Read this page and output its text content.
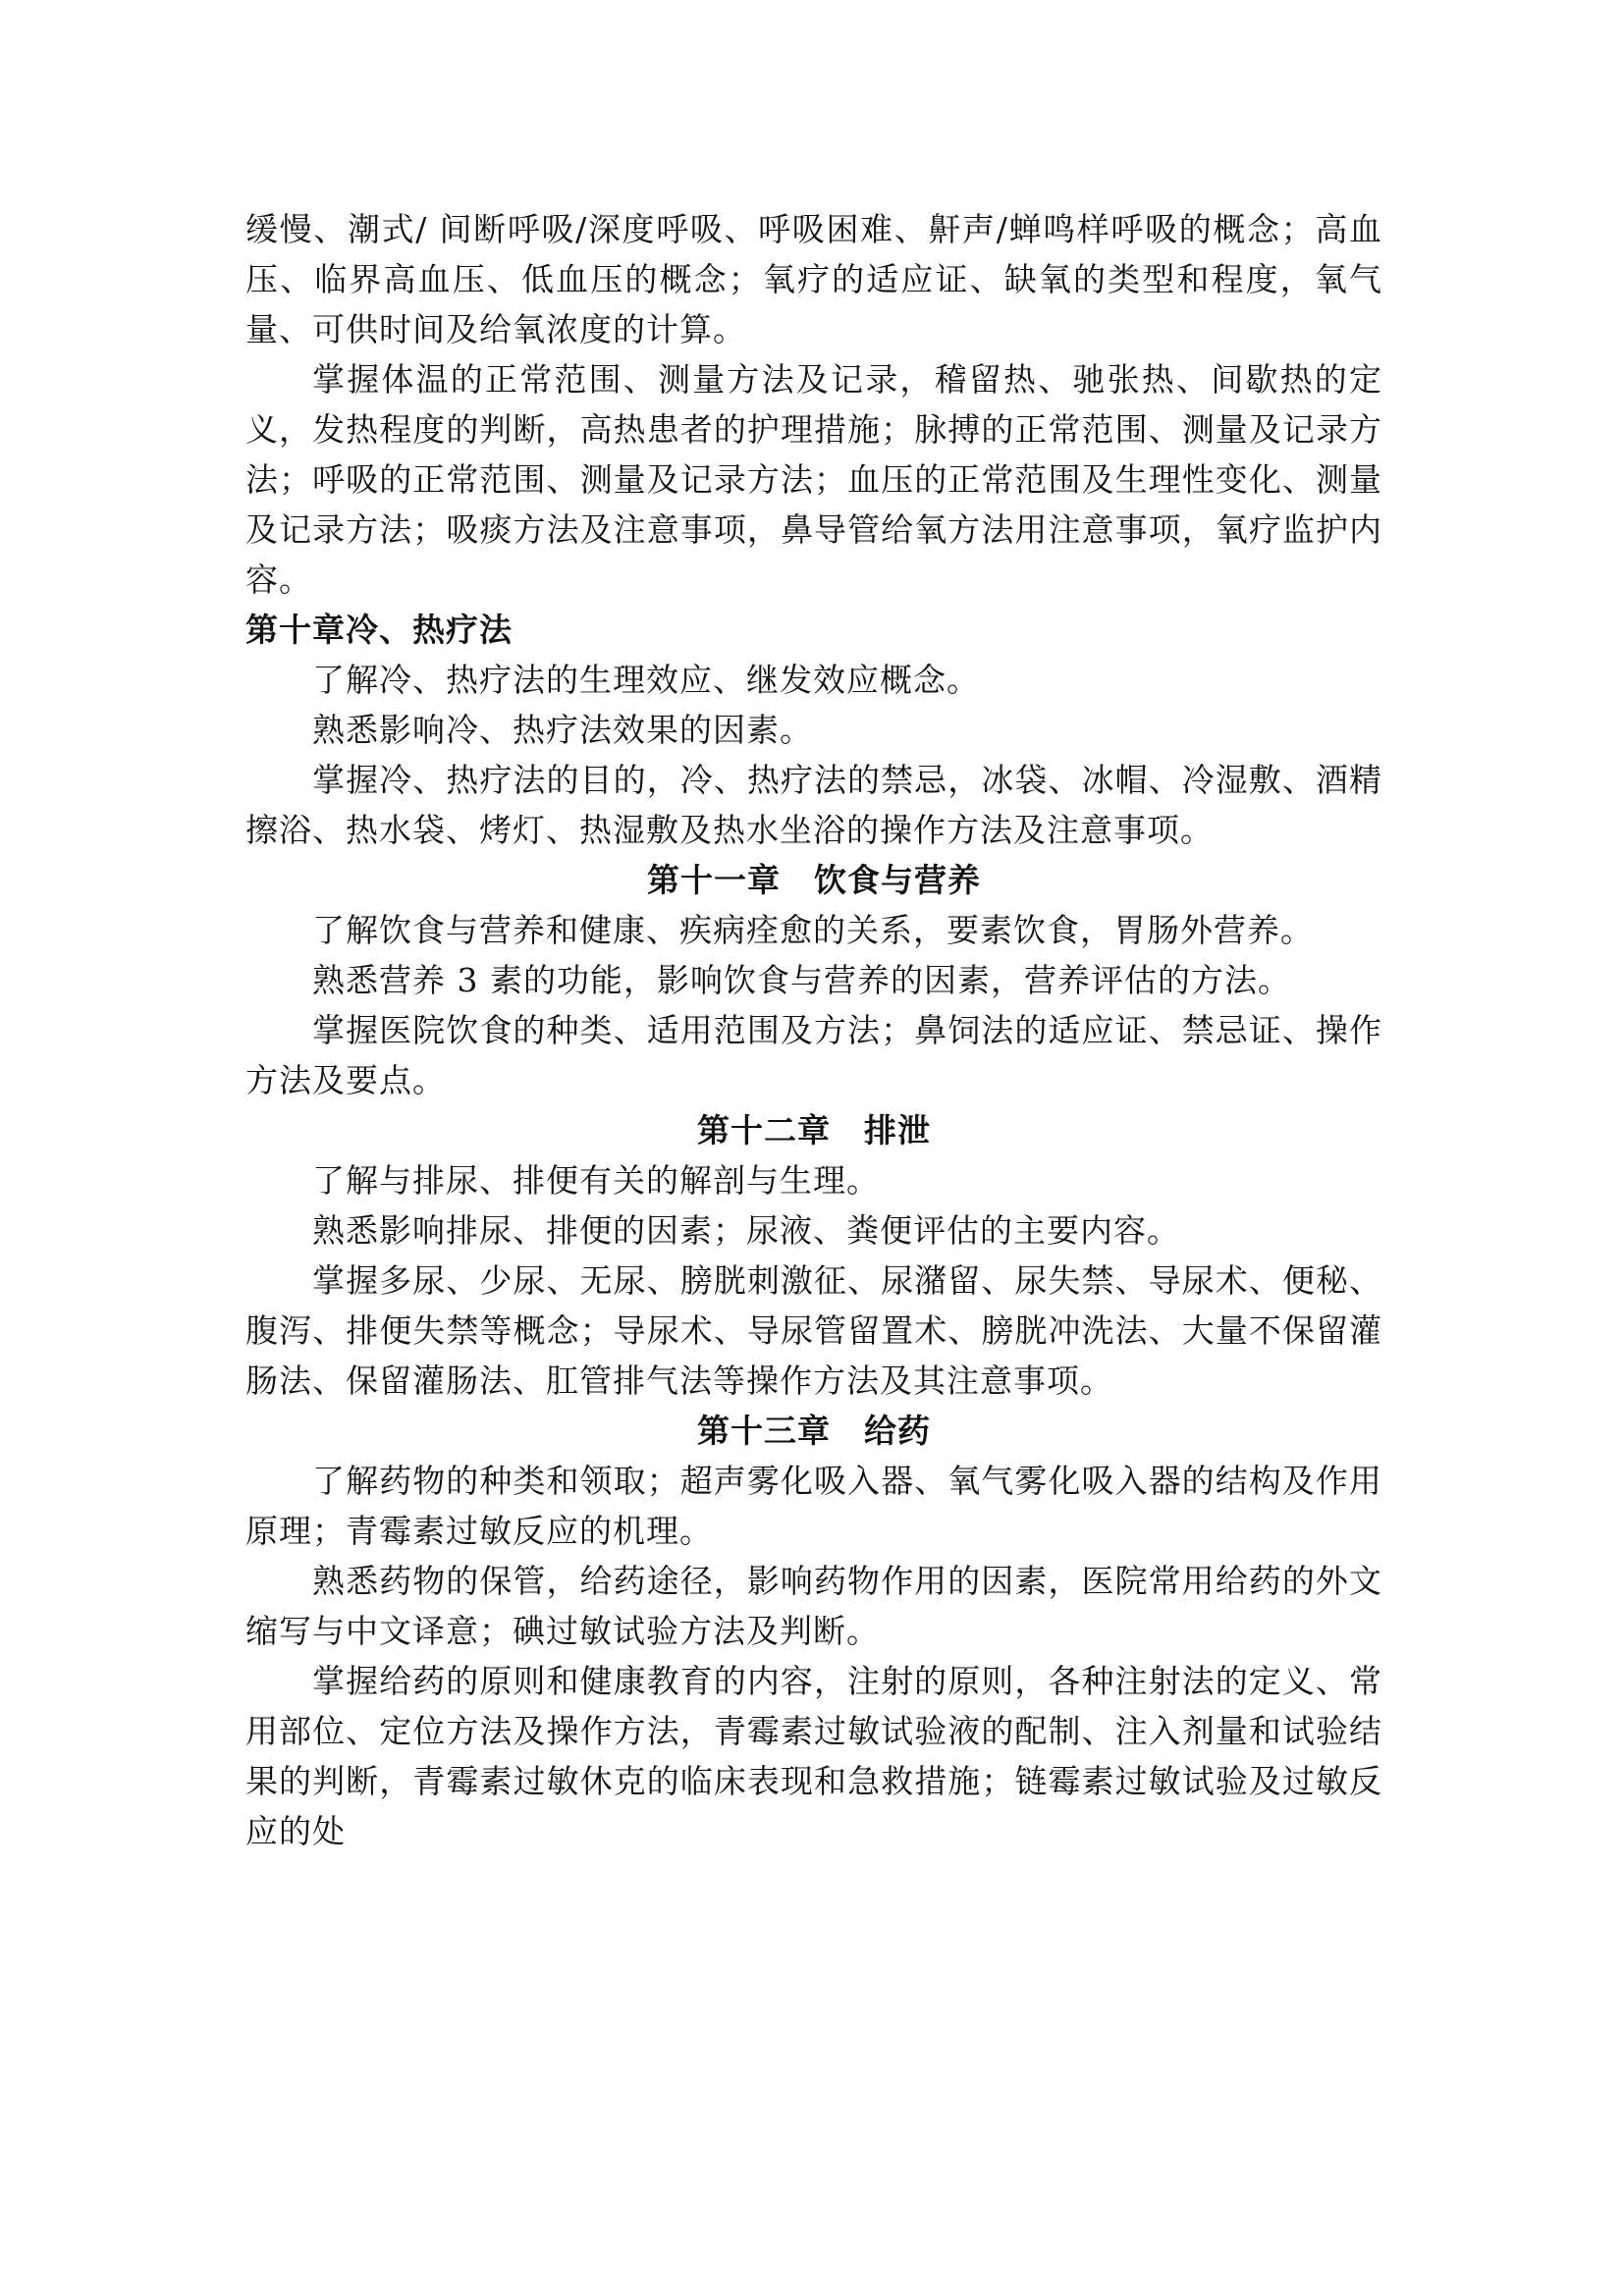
缓慢、潮式/ 间断呼吸/深度呼吸、呼吸困难、鼾声/蝉鸣样呼吸的概念；高血压、临界高血压、低血压的概念；氧疗的适应证、缺氧的类型和程度，氧气量、可供时间及给氧浓度的计算。

掌握体温的正常范围、测量方法及记录，稽留热、驰张热、间歇热的定义，发热程度的判断，高热患者的护理措施；脉搏的正常范围、测量及记录方法；呼吸的正常范围、测量及记录方法；血压的正常范围及生理性变化、测量及记录方法；吸痰方法及注意事项，鼻导管给氧方法用注意事项，氧疗监护内容。

第十章冷、热疗法

了解冷、热疗法的生理效应、继发效应概念。

熟悉影响冷、热疗法效果的因素。

掌握冷、热疗法的目的，冷、热疗法的禁忌，冰袋、冰帽、冷湿敷、酒精擦浴、热水袋、烤灯、热湿敷及热水坐浴的操作方法及注意事项。

第十一章　饮食与营养

了解饮食与营养和健康、疾病痊愈的关系，要素饮食，胃肠外营养。

熟悉营养 3 素的功能，影响饮食与营养的因素，营养评估的方法。

掌握医院饮食的种类、适用范围及方法；鼻饲法的适应证、禁忌证、操作方法及要点。

第十二章　排泄

了解与排尿、排便有关的解剖与生理。

熟悉影响排尿、排便的因素；尿液、粪便评估的主要内容。

掌握多尿、少尿、无尿、膀胱刺激征、尿潴留、尿失禁、导尿术、便秘、腹泻、排便失禁等概念；导尿术、导尿管留置术、膀胱冲洗法、大量不保留灌肠法、保留灌肠法、肛管排气法等操作方法及其注意事项。

第十三章　给药

了解药物的种类和领取；超声雾化吸入器、氧气雾化吸入器的结构及作用原理；青霉素过敏反应的机理。

熟悉药物的保管，给药途径，影响药物作用的因素，医院常用给药的外文缩写与中文译意；碘过敏试验方法及判断。

掌握给药的原则和健康教育的内容，注射的原则，各种注射法的定义、常用部位、定位方法及操作方法，青霉素过敏试验液的配制、注入剂量和试验结果的判断，青霉素过敏休克的临床表现和急救措施；链霉素过敏试验及过敏反应的处
